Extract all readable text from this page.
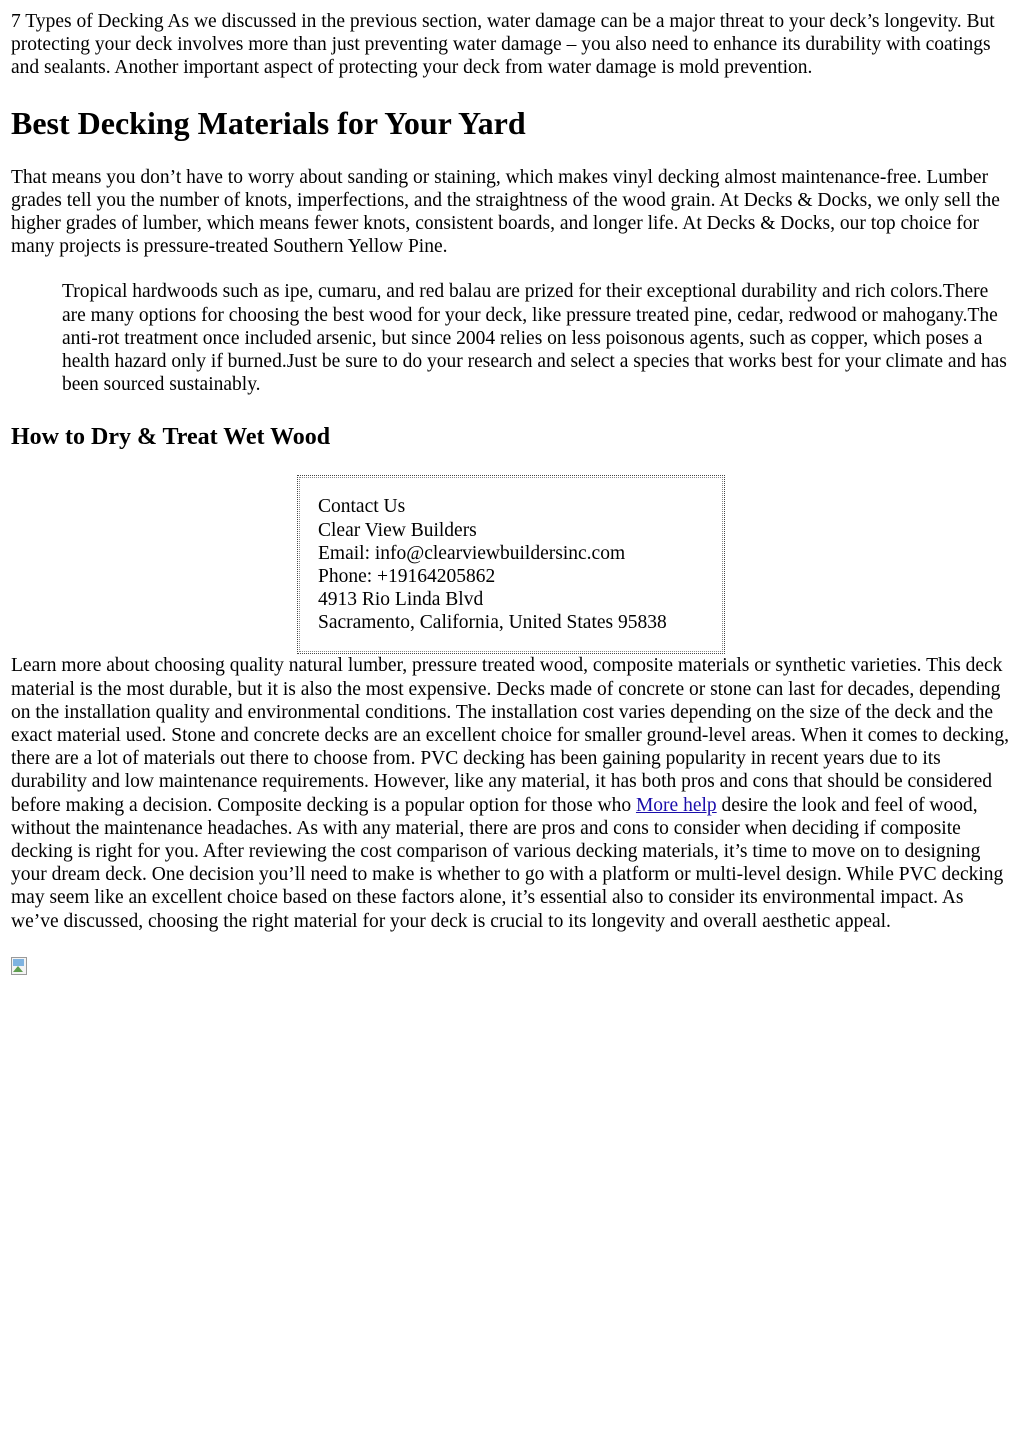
7 Types of Decking As we discussed in the previous section, water damage can be a major threat to your deck’s longevity. But protecting your deck involves more than just preventing water damage – you also need to enhance its durability with coatings and sealants. Another important aspect of protecting your deck from water damage is mold prevention.

Best Decking Materials for Your Yard

That means you don’t have to worry about sanding or staining, which makes vinyl decking almost maintenance-free. Lumber grades tell you the number of knots, imperfections, and the straightness of the wood grain. At Decks & Docks, we only sell the higher grades of lumber, which means fewer knots, consistent boards, and longer life. At Decks & Docks, our top choice for many projects is pressure-treated Southern Yellow Pine.

Tropical hardwoods such as ipe, cumaru, and red balau are prized for their exceptional durability and rich colors.There are many options for choosing the best wood for your deck, like pressure treated pine, cedar, redwood or mahogany.The anti-rot treatment once included arsenic, but since 2004 relies on less poisonous agents, such as copper, which poses a health hazard only if burned.Just be sure to do your research and select a species that works best for your climate and has been sourced sustainably.
How to Dry & Treat Wet Wood
Contact Us
Clear View Builders
Email: info@clearviewbuildersinc.com
Phone: +19164205862
4913 Rio Linda Blvd
Sacramento, California, United States 95838

Learn more about choosing quality natural lumber, pressure treated wood, composite materials or synthetic varieties. This deck material is the most durable, but it is also the most expensive. Decks made of concrete or stone can last for decades, depending on the installation quality and environmental conditions. The installation cost varies depending on the size of the deck and the exact material used. Stone and concrete decks are an excellent choice for smaller ground-level areas. When it comes to decking, there are a lot of materials out there to choose from. PVC decking has been gaining popularity in recent years due to its durability and low maintenance requirements. However, like any material, it has both pros and cons that should be considered before making a decision. Composite decking is a popular option for those who More help desire the look and feel of wood, without the maintenance headaches. As with any material, there are pros and cons to consider when deciding if composite decking is right for you. After reviewing the cost comparison of various decking materials, it’s time to move on to designing your dream deck. One decision you’ll need to make is whether to go with a platform or multi-level design. While PVC decking may seem like an excellent choice based on these factors alone, it’s essential also to consider its environmental impact. As we’ve discussed, choosing the right material for your deck is crucial to its longevity and overall aesthetic appeal.
